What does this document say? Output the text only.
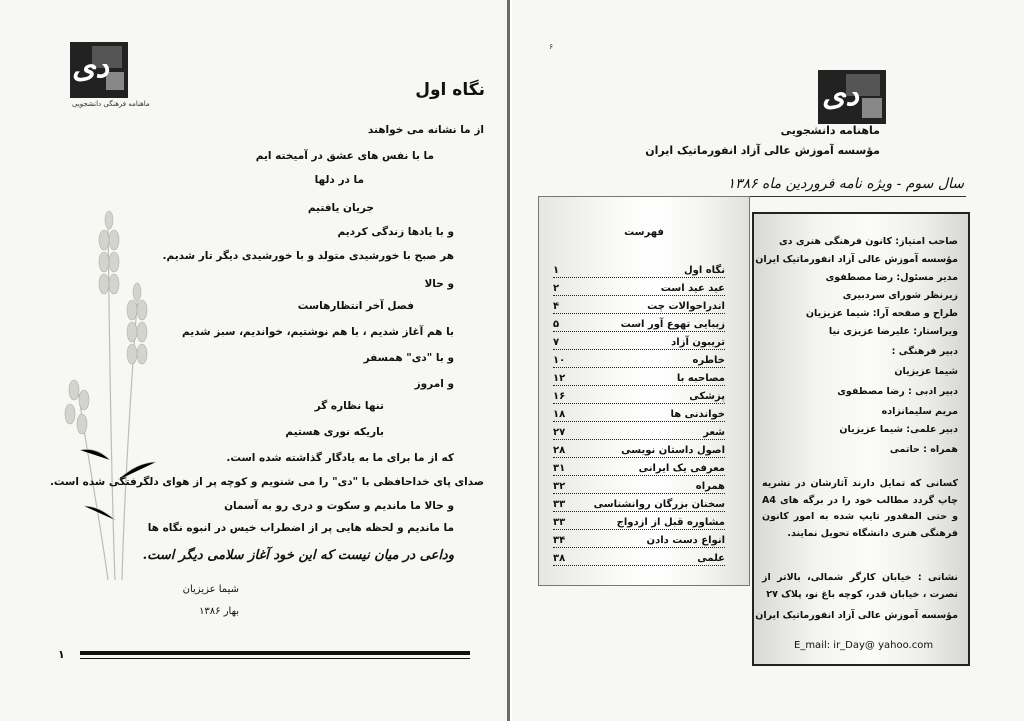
دی
ماهنامه فرهنگی دانشجویی
نگاه اول
از ما نشانه می خواهند
ما با نفس های عشق در آمیخته ایم
ما در دلها
جریان یافتیم
و با یادها زندگی کردیم
هر صبح با خورشیدی متولد و با خورشیدی دیگر تار شدیم.
و حالا
فصل آخر انتظارهاست
با هم آغاز شدیم ، با هم نوشتیم، خواندیم، سبز شدیم
و با "دی" همسفر
و امروز
تنها نظاره گر
باریکه نوری هستیم
که از ما برای ما به یادگار گذاشته شده است.
صدای پای خداحافظی با "دی" را می شنویم و کوچه پر از هوای دلگرفتگی شده است.
و حالا ما ماندیم و سکوت و دری رو به آسمان
ما ماندیم و لحظه هایی پر از اضطراب خیس در انبوه نگاه ها
وداعی در میان نیست که این خود آغاز سلامی دیگر است.
شیما عزیزیان
بهار ۱۳۸۶
۱
۶
دی
ماهنامه دانشجویی
مؤسسه آموزش عالی آزاد انفورماتیک ایران
سال سوم - ویژه نامه فروردین ماه ۱۳۸۶
فهرست
نگاه اول
۱
عید عید است
۲
اندراحوالات چت
۴
زیبایی تهوع آور است
۵
تریبون آزاد
۷
خاطره
۱۰
مصاحبه با
۱۲
پزشکی
۱۶
خواندنی ها
۱۸
شعر
۲۷
اصول داستان نویسی
۲۸
معرفی یک ایرانی
۳۱
همراه
۳۲
سخنان بزرگان روانشناسی
۳۳
مشاوره قبل از ازدواج
۳۳
انواع دست دادن
۳۴
علمی
۳۸
صاحب امتیاز: کانون فرهنگی هنری دی
مؤسسه آموزش عالی آزاد انفورماتیک ایران
مدیر مسئول: رضا مصطفوی
زیرنظر شورای سردبیری
طراح و صفحه آرا: شیما عزیزیان
ویراستار: علیرضا عزیزی نیا
دبیر فرهنگی :
شیما عزیزیان
دبیر ادبی : رضا مصطفوی
مریم سلیمانزاده
دبیر علمی: شیما عزیزیان
همراه : حاتمی
کسانی که تمایل دارند آثارشان در نشریه چاپ گردد مطالب خود را در برگه های A4 و حتی المقدور تایپ شده به امور کانون فرهنگی هنری دانشگاه تحویل نمایند.
نشانی : خیابان کارگر شمالی، بالاتر از نصرت ، خیابان قدر، کوچه باغ نو، پلاک ۲۷
مؤسسه آموزش عالی آزاد انفورماتیک ایران
E_mail: ir_Day@ yahoo.com
